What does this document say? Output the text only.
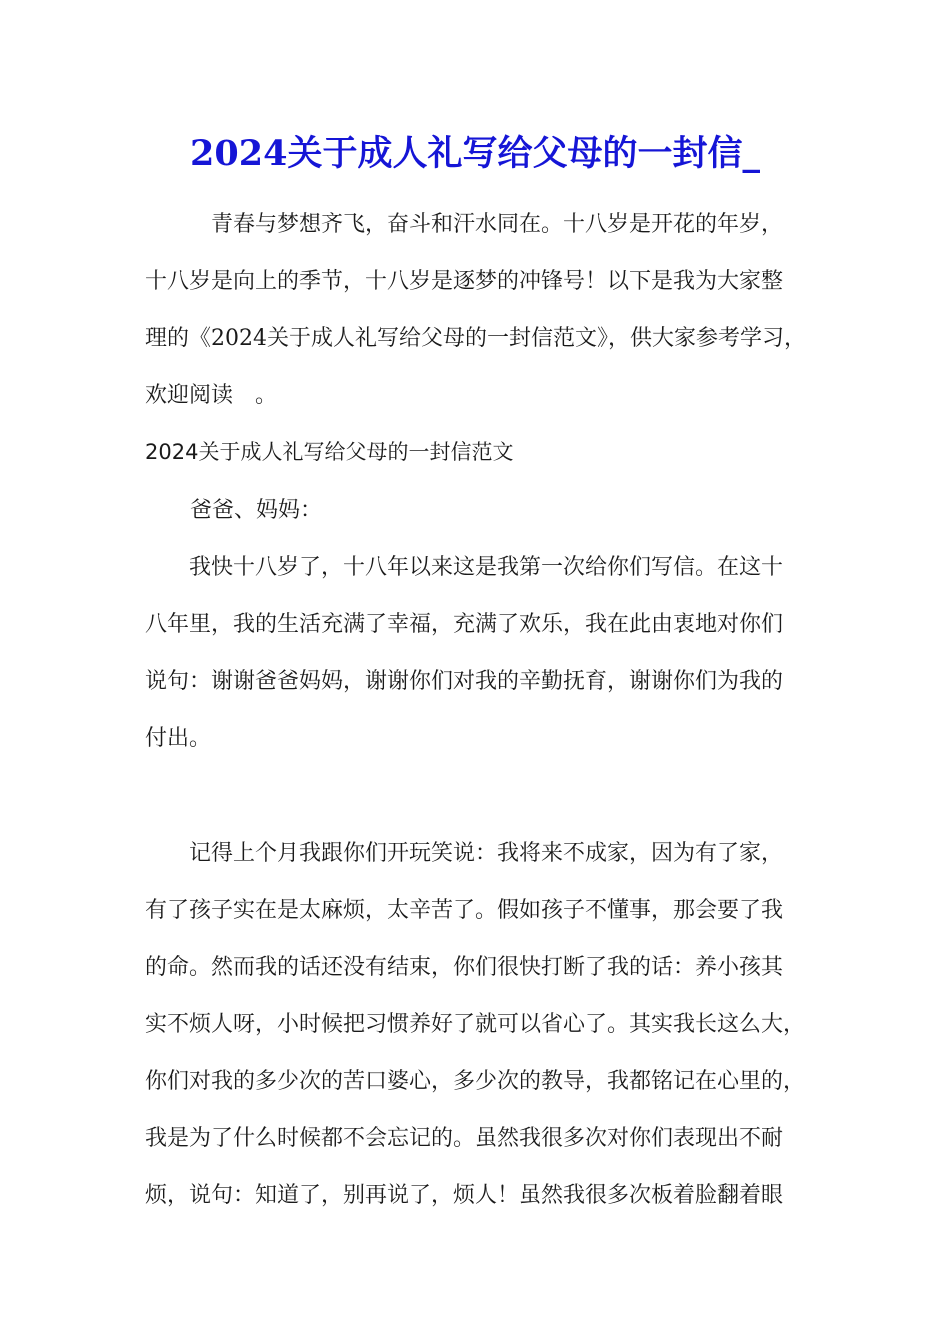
2024关于成人礼写给父母的一封信_
　　　青春与梦想齐飞，奋斗和汗水同在。十八岁是开花的年岁，
十八岁是向上的季节，十八岁是逐梦的冲锋号！以下是我为大家整
理的《2024关于成人礼写给父母的一封信范文》，供大家参考学习，
欢迎阅读　。
2024关于成人礼写给父母的一封信范文
爸爸、妈妈：
　　我快十八岁了，十八年以来这是我第一次给你们写信。在这十
八年里，我的生活充满了幸福，充满了欢乐，我在此由衷地对你们
说句：谢谢爸爸妈妈，谢谢你们对我的辛勤抚育，谢谢你们为我的
付出。
　　记得上个月我跟你们开玩笑说：我将来不成家，因为有了家，
有了孩子实在是太麻烦，太辛苦了。假如孩子不懂事，那会要了我
的命。然而我的话还没有结束，你们很快打断了我的话：养小孩其
实不烦人呀，小时候把习惯养好了就可以省心了。其实我长这么大，
你们对我的多少次的苦口婆心，多少次的教导，我都铭记在心里的，
我是为了什么时候都不会忘记的。虽然我很多次对你们表现出不耐
烦，说句：知道了，别再说了，烦人！虽然我很多次板着脸翻着眼
